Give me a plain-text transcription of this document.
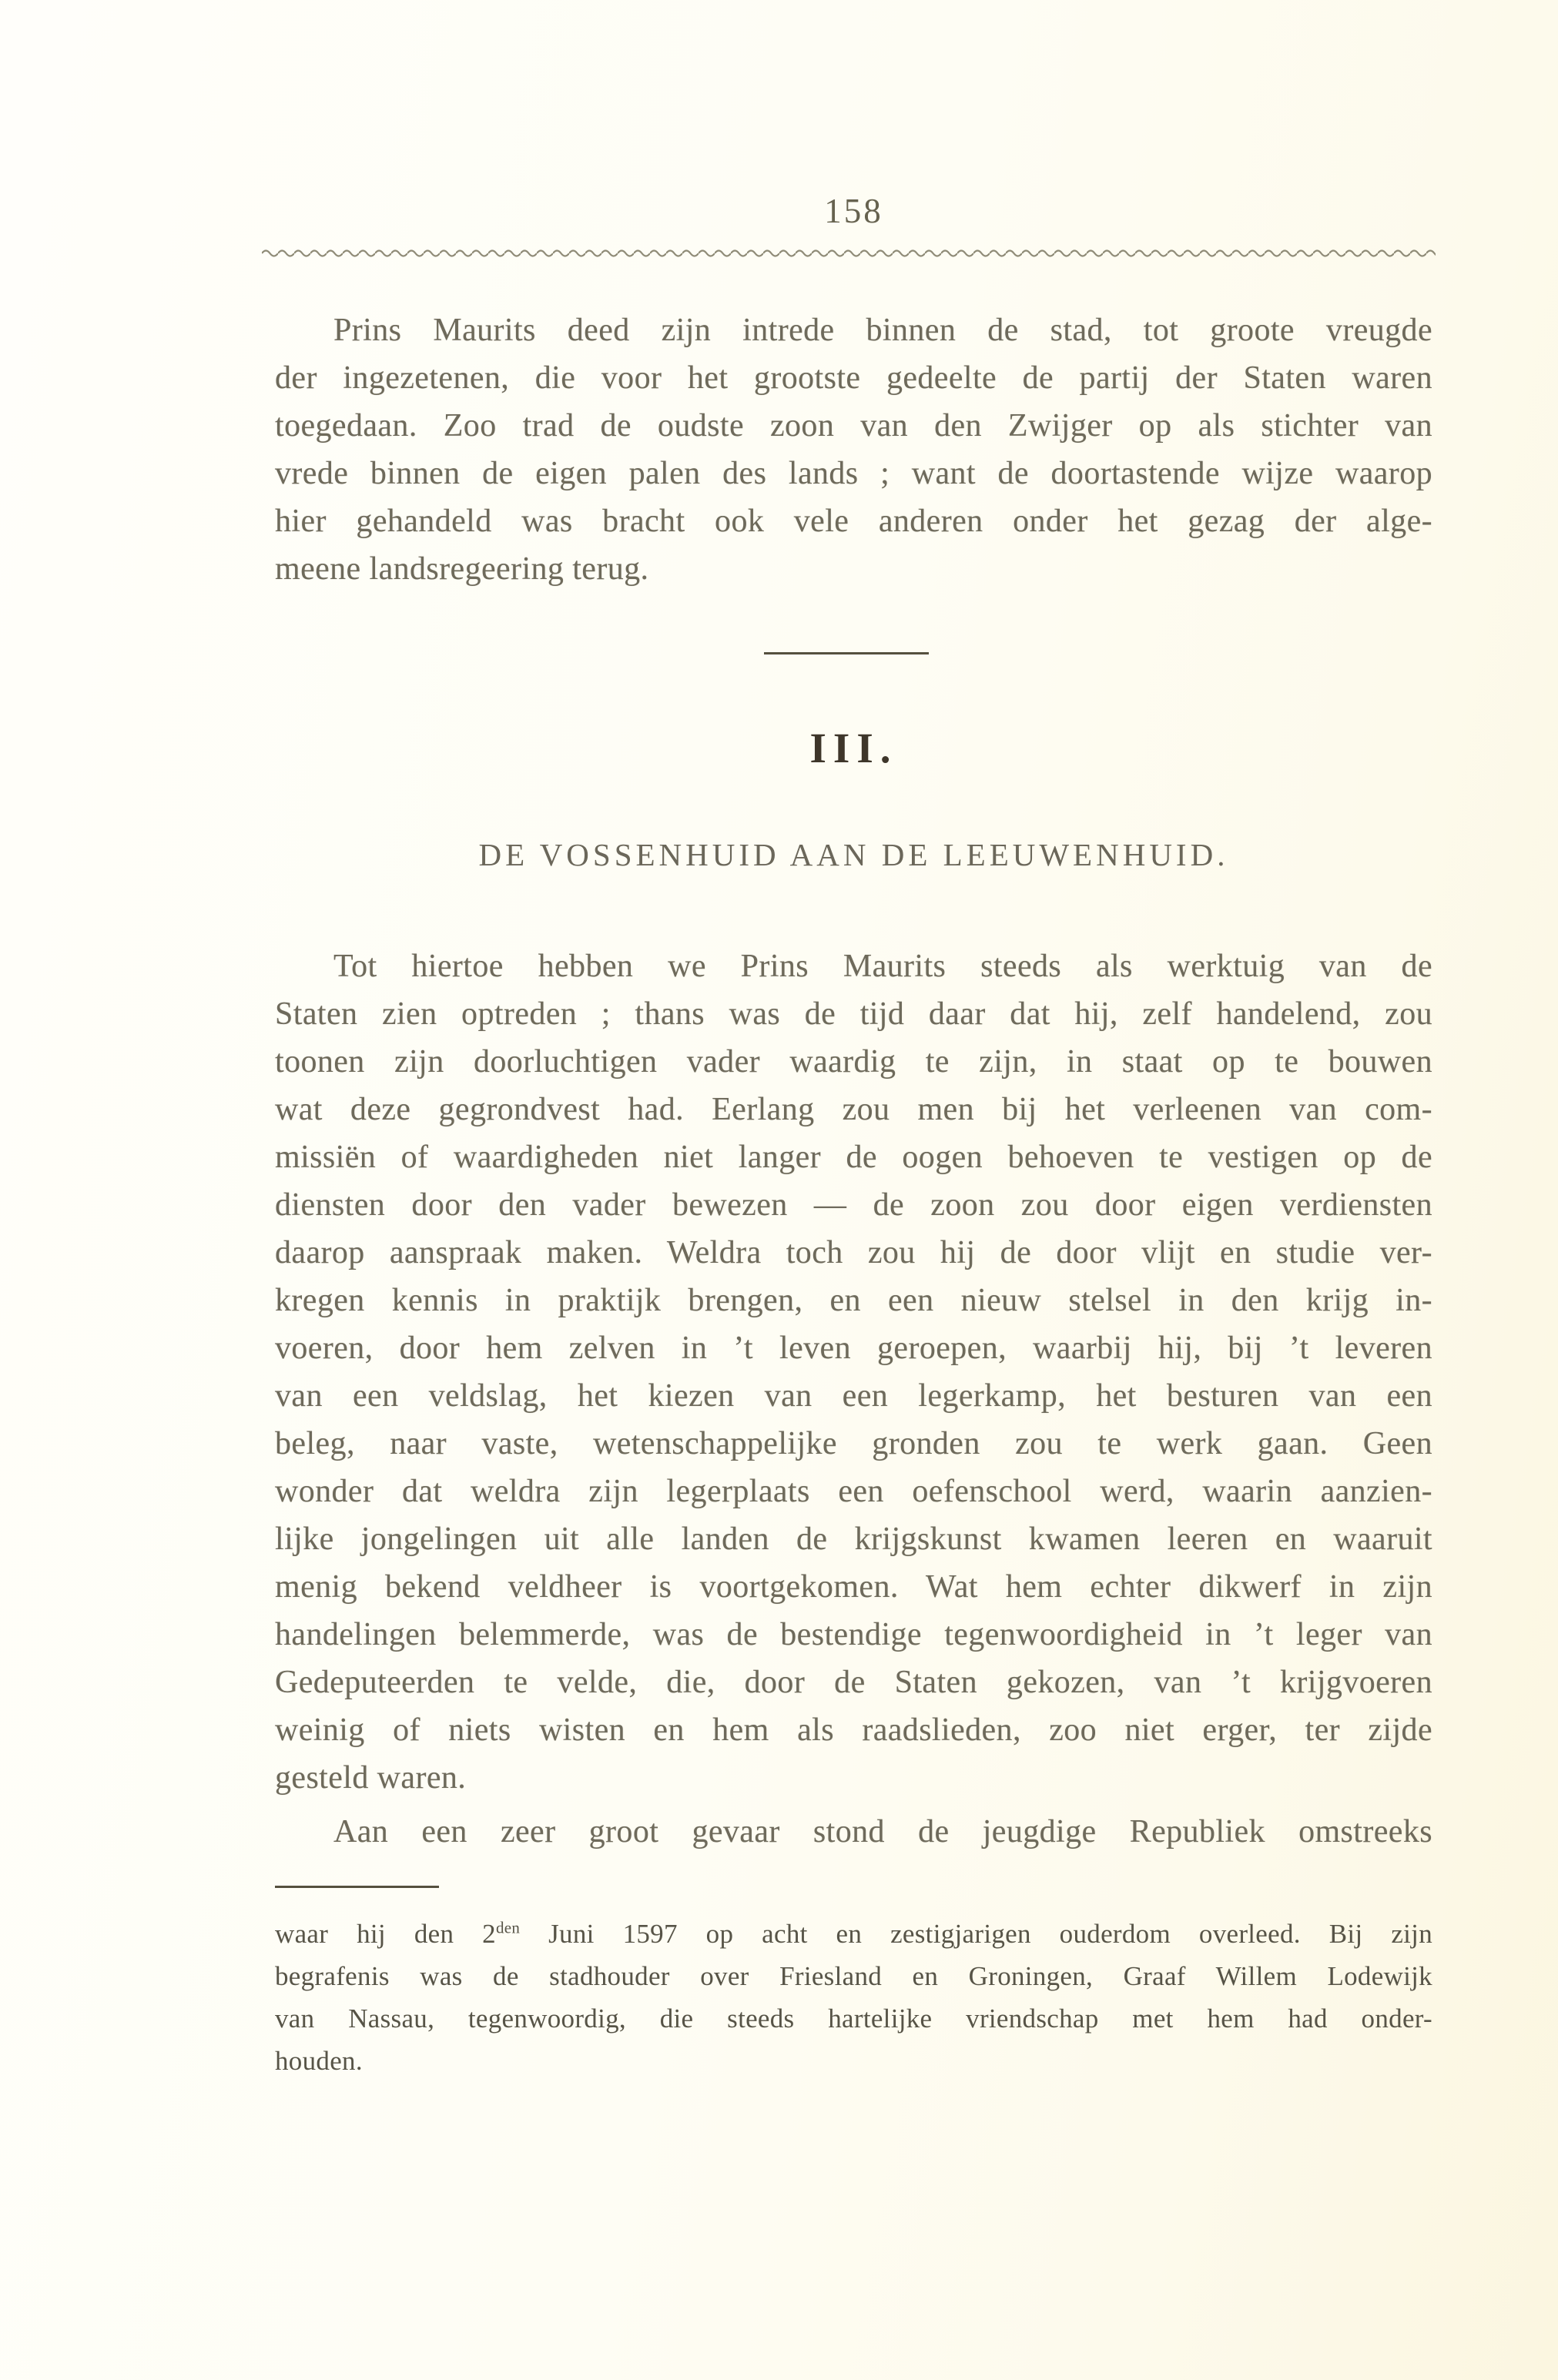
158
Prins Maurits deed zijn intrede binnen de stad, tot groote vreugde
der ingezetenen, die voor het grootste gedeelte de partij der Staten waren
toegedaan. Zoo trad de oudste zoon van den Zwijger op als stichter van
vrede binnen de eigen palen des lands ; want de doortastende wijze waarop
hier gehandeld was bracht ook vele anderen onder het gezag der alge-
meene landsregeering terug.
III.
DE VOSSENHUID AAN DE LEEUWENHUID.
Tot hiertoe hebben we Prins Maurits steeds als werktuig van de
Staten zien optreden ; thans was de tijd daar dat hij, zelf handelend, zou
toonen zijn doorluchtigen vader waardig te zijn, in staat op te bouwen
wat deze gegrondvest had. Eerlang zou men bij het verleenen van com-
missiën of waardigheden niet langer de oogen behoeven te vestigen op de
diensten door den vader bewezen — de zoon zou door eigen verdiensten
daarop aanspraak maken. Weldra toch zou hij de door vlijt en studie ver-
kregen kennis in praktijk brengen, en een nieuw stelsel in den krijg in-
voeren, door hem zelven in ’t leven geroepen, waarbij hij, bij ’t leveren
van een veldslag, het kiezen van een legerkamp, het besturen van een
beleg, naar vaste, wetenschappelijke gronden zou te werk gaan. Geen
wonder dat weldra zijn legerplaats een oefenschool werd, waarin aanzien-
lijke jongelingen uit alle landen de krijgskunst kwamen leeren en waaruit
menig bekend veldheer is voortgekomen. Wat hem echter dikwerf in zijn
handelingen belemmerde, was de bestendige tegenwoordigheid in ’t leger van
Gedeputeerden te velde, die, door de Staten gekozen, van ’t krijgvoeren
weinig of niets wisten en hem als raadslieden, zoo niet erger, ter zijde
gesteld waren.
Aan een zeer groot gevaar stond de jeugdige Republiek omstreeks
waar hij den $2^{den}$ Juni 1597 op acht en zestigjarigen ouderdom overleed. Bij zijn
begrafenis was de stadhouder over Friesland en Groningen, Graaf Willem Lodewijk
van Nassau, tegenwoordig, die steeds hartelijke vriendschap met hem had onder-
houden.
